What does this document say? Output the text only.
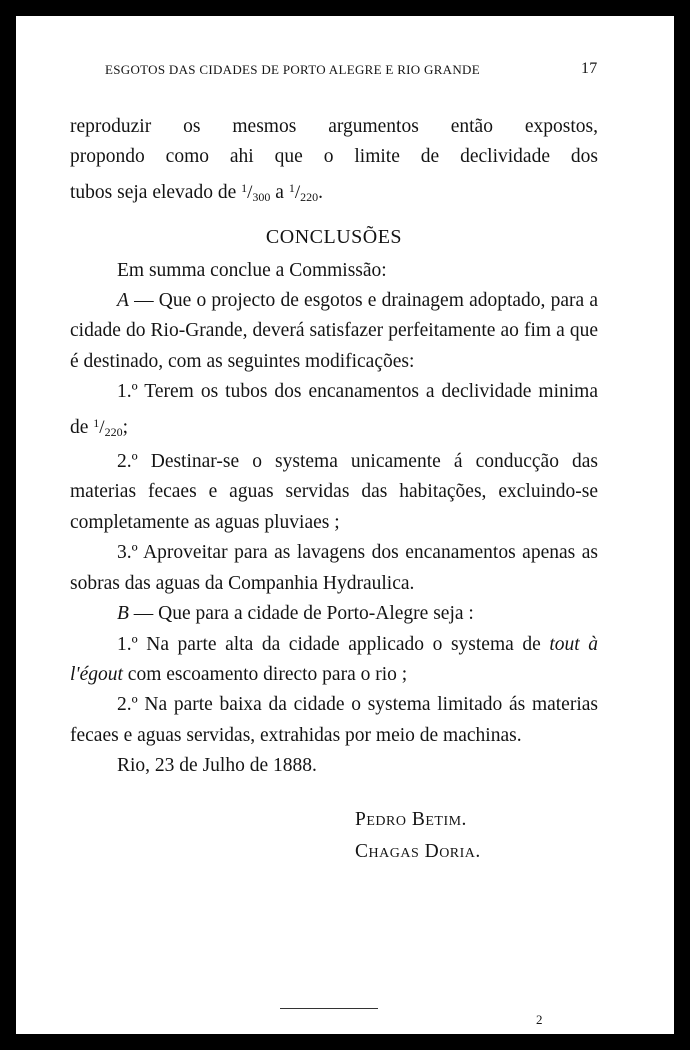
ESGOTOS DAS CIDADES DE PORTO ALEGRE E RIO GRANDE	17

reproduzir os mesmos argumentos então expostos,

propondo como ahi que o limite de declividade dos

tubos seja elevado de $^1/_{300}$ a $^1/_{220}$.

CONCLUSÕES

Em summa conclue a Commissão:

A — Que o projecto de esgotos e drainagem adoptado, para a cidade do Rio-Grande, deverá satisfazer perfeitamente ao fim a que é destinado, com as seguintes modificações:

1.º Terem os tubos dos encanamentos a declividade minima de $^1/_{220}$;

2.º Destinar-se o systema unicamente á conducção das materias fecaes e aguas servidas das habitações, excluindo-se completamente as aguas pluviaes ;

3.º Aproveitar para as lavagens dos encanamentos apenas as sobras das aguas da Companhia Hydraulica.

B — Que para a cidade de Porto-Alegre seja :

1.º Na parte alta da cidade applicado o systema de tout à l'égout com escoamento directo para o rio ;

2.º Na parte baixa da cidade o systema limitado ás materias fecaes e aguas servidas, extrahidas por meio de machinas.

Rio, 23 de Julho de 1888.

Pedro Betim.
Chagas Doria.
2
